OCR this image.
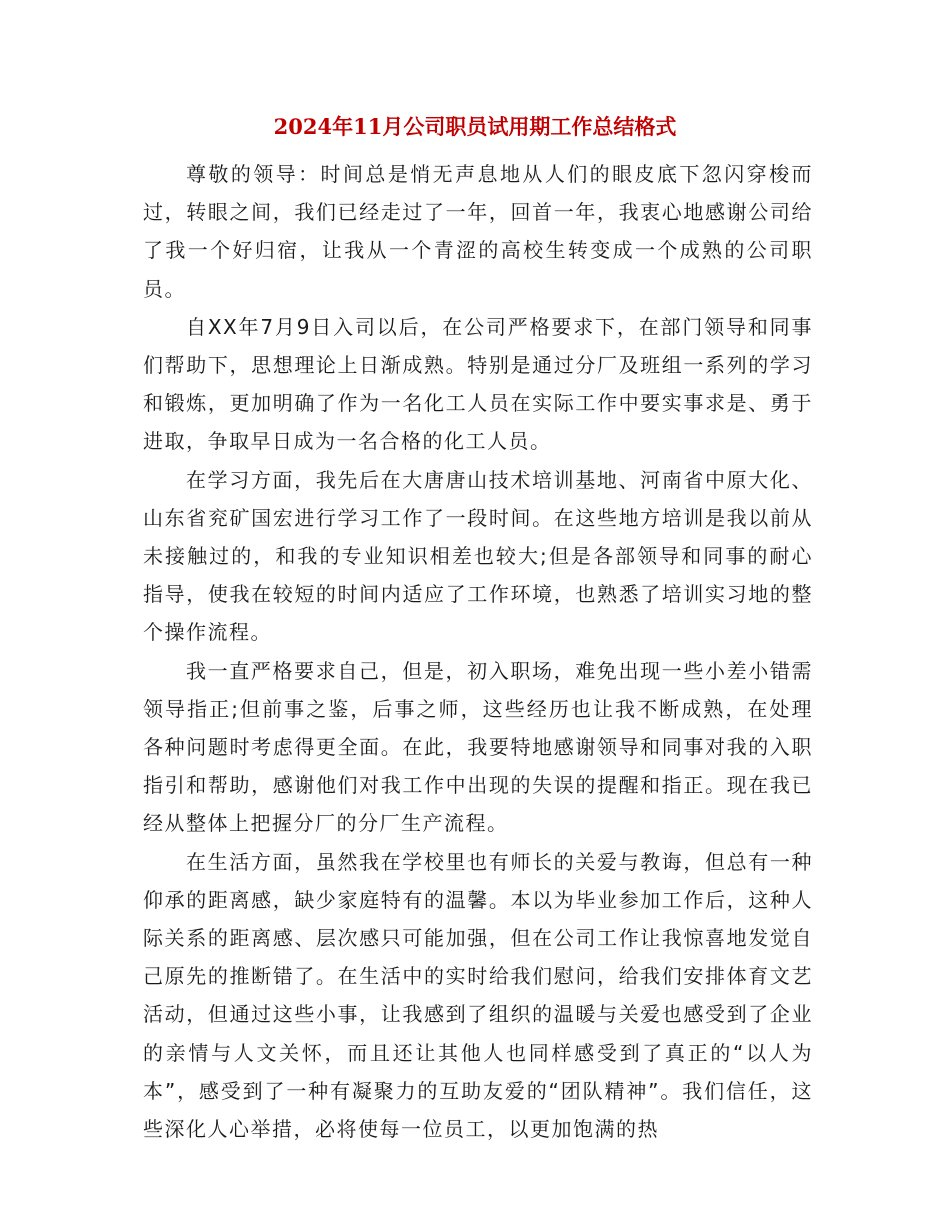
2024年11月公司职员试用期工作总结格式

尊敬的领导：时间总是悄无声息地从人们的眼皮底下忽闪穿梭而过，转眼之间，我们已经走过了一年，回首一年，我衷心地感谢公司给了我一个好归宿，让我从一个青涩的高校生转变成一个成熟的公司职员。

自XX年7月9日入司以后，在公司严格要求下，在部门领导和同事们帮助下，思想理论上日渐成熟。特别是通过分厂及班组一系列的学习和锻炼，更加明确了作为一名化工人员在实际工作中要实事求是、勇于进取，争取早日成为一名合格的化工人员。

在学习方面，我先后在大唐唐山技术培训基地、河南省中原大化、山东省兖矿国宏进行学习工作了一段时间。在这些地方培训是我以前从未接触过的，和我的专业知识相差也较大;但是各部领导和同事的耐心指导，使我在较短的时间内适应了工作环境，也熟悉了培训实习地的整个操作流程。

我一直严格要求自己，但是，初入职场，难免出现一些小差小错需领导指正;但前事之鉴，后事之师，这些经历也让我不断成熟，在处理各种问题时考虑得更全面。在此，我要特地感谢领导和同事对我的入职指引和帮助，感谢他们对我工作中出现的失误的提醒和指正。现在我已经从整体上把握分厂的分厂生产流程。

在生活方面，虽然我在学校里也有师长的关爱与教诲，但总有一种仰承的距离感，缺少家庭特有的温馨。本以为毕业参加工作后，这种人际关系的距离感、层次感只可能加强，但在公司工作让我惊喜地发觉自己原先的推断错了。在生活中的实时给我们慰问，给我们安排体育文艺活动，但通过这些小事，让我感到了组织的温暖与关爱也感受到了企业的亲情与人文关怀，而且还让其他人也同样感受到了真正的“以人为本”，感受到了一种有凝聚力的互助友爱的“团队精神”。我们信任，这些深化人心举措，必将使每一位员工，以更加饱满的热
